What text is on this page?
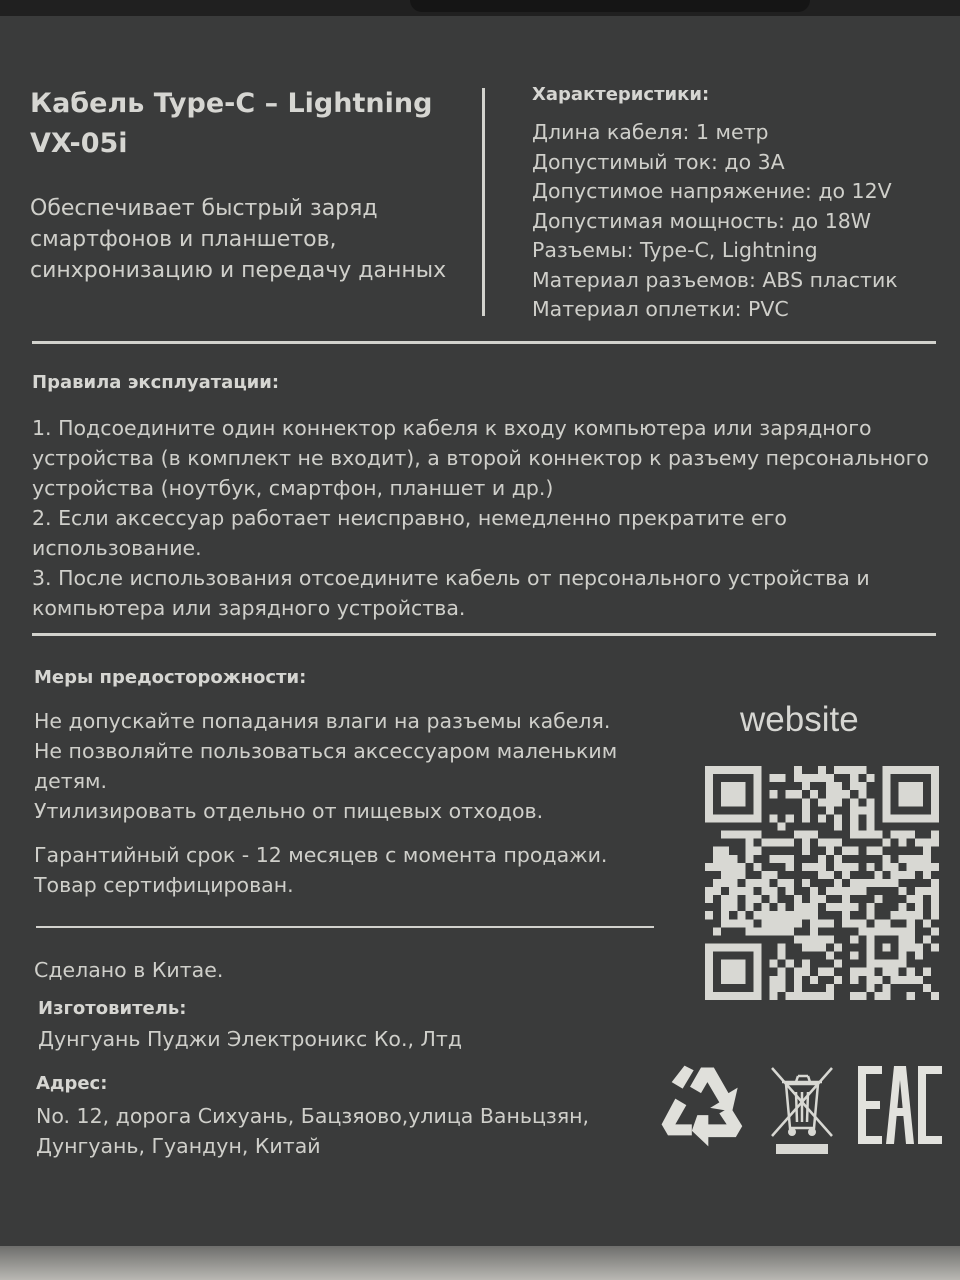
Кабель Type-C – Lightning VX-05i
Обеспечивает быстрый заряд смартфонов и планшетов, синхронизацию и передачу данных
Характеристики:
Длина кабеля: 1 метр
Допустимый ток: до 3А
Допустимое напряжение: до 12V
Допустимая мощность: до 18W
Разъемы: Type-C, Lightning
Материал разъемов: ABS пластик
Материал оплетки: PVC
Правила эксплуатации:
1. Подсоедините один коннектор кабеля к входу компьютера или зарядного устройства (в комплект не входит), а второй коннектор к разъему персонального устройства (ноутбук, смартфон, планшет и др.)
2. Если аксессуар работает неисправно, немедленно прекратите его использование.
3. После использования отсоедините кабель от персонального устройства и компьютера или зарядного устройства.
Меры предосторожности:

Не допускайте попадания влаги на разъемы кабеля.

Не позволяйте пользоваться аксессуаром маленьким детям.

Утилизировать отдельно от пищевых отходов.

Гарантийный срок - 12 месяцев с момента продажи.

Товар сертифицирован.

Сделано в Китае.
Изготовитель:
Дунгуань Пуджи Электроникс Ко., Лтд
Адрес:

No. 12, дорога Сихуань, Бацзяово,улица Ваньцзян,

Дунгуань, Гуандун, Китай

website
